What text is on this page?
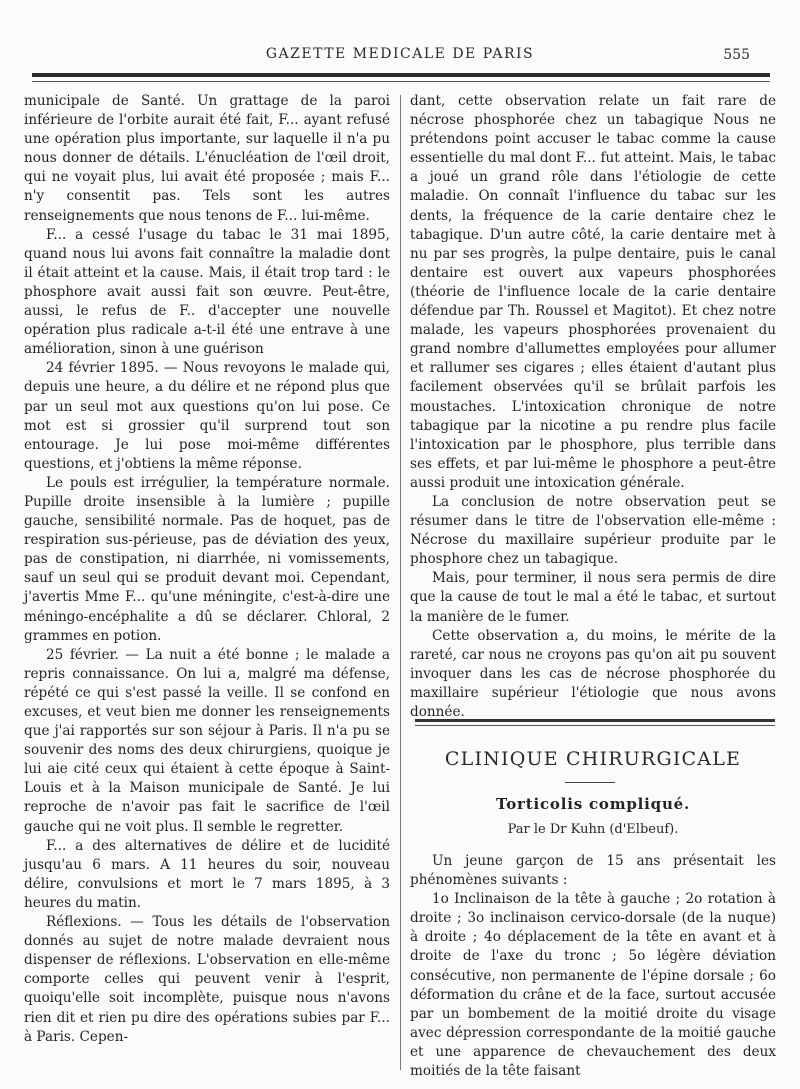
GAZETTE MEDICALE DE PARIS	555

municipale de Santé. Un grattage de la paroi inférieure de l'orbite aurait été fait, F... ayant refusé une opération plus importante, sur laquelle il n'a pu nous donner de détails. L'énucléation de l'œil droit, qui ne voyait plus, lui avait été proposée ; mais F... n'y consentit pas. Tels sont les autres renseignements que nous tenons de F... lui-même.

F... a cessé l'usage du tabac le 31 mai 1895, quand nous lui avons fait connaître la maladie dont il était atteint et la cause. Mais, il était trop tard : le phosphore avait aussi fait son œuvre. Peut-être, aussi, le refus de F.. d'accepter une nouvelle opération plus radicale a-t-il été une entrave à une amélioration, sinon à une guérison

24 février 1895. — Nous revoyons le malade qui, depuis une heure, a du délire et ne répond plus que par un seul mot aux questions qu'on lui pose. Ce mot est si grossier qu'il surprend tout son entourage. Je lui pose moi-même différentes questions, et j'obtiens la même réponse.

Le pouls est irrégulier, la température normale. Pupille droite insensible à la lumière ; pupille gauche, sensibilité normale. Pas de hoquet, pas de respiration sus-périeuse, pas de déviation des yeux, pas de constipation, ni diarrhée, ni vomissements, sauf un seul qui se produit devant moi. Cependant, j'avertis Mme F... qu'une méningite, c'est-à-dire une méningo-encéphalite a dû se déclarer. Chloral, 2 grammes en potion.

25 février. — La nuit a été bonne ; le malade a repris connaissance. On lui a, malgré ma défense, répété ce qui s'est passé la veille. Il se confond en excuses, et veut bien me donner les renseignements que j'ai rapportés sur son séjour à Paris. Il n'a pu se souvenir des noms des deux chirurgiens, quoique je lui aie cité ceux qui étaient à cette époque à Saint-Louis et à la Maison municipale de Santé. Je lui reproche de n'avoir pas fait le sacrifice de l'œil gauche qui ne voit plus. Il semble le regretter.

F... a des alternatives de délire et de lucidité jusqu'au 6 mars. A 11 heures du soir, nouveau délire, convulsions et mort le 7 mars 1895, à 3 heures du matin.

Réflexions. — Tous les détails de l'observation donnés au sujet de notre malade devraient nous dispenser de réflexions. L'observation en elle-même comporte celles qui peuvent venir à l'esprit, quoiqu'elle soit incomplète, puisque nous n'avons rien dit et rien pu dire des opérations subies par F... à Paris. Cepen-

dant, cette observation relate un fait rare de nécrose phosphorée chez un tabagique Nous ne prétendons point accuser le tabac comme la cause essentielle du mal dont F... fut atteint. Mais, le tabac a joué un grand rôle dans l'étiologie de cette maladie. On connaît l'influence du tabac sur les dents, la fréquence de la carie dentaire chez le tabagique. D'un autre côté, la carie dentaire met à nu par ses progrès, la pulpe dentaire, puis le canal dentaire est ouvert aux vapeurs phosphorées (théorie de l'influence locale de la carie dentaire défendue par Th. Roussel et Magitot). Et chez notre malade, les vapeurs phosphorées provenaient du grand nombre d'allumettes employées pour allumer et rallumer ses cigares ; elles étaient d'autant plus facilement observées qu'il se brûlait parfois les moustaches. L'intoxication chronique de notre tabagique par la nicotine a pu rendre plus facile l'intoxication par le phosphore, plus terrible dans ses effets, et par lui-même le phosphore a peut-être aussi produit une intoxication générale.

La conclusion de notre observation peut se résumer dans le titre de l'observation elle-même : Nécrose du maxillaire supérieur produite par le phosphore chez un tabagique.

Mais, pour terminer, il nous sera permis de dire que la cause de tout le mal a été le tabac, et surtout la manière de le fumer.

Cette observation a, du moins, le mérite de la rareté, car nous ne croyons pas qu'on ait pu souvent invoquer dans les cas de nécrose phosphorée du maxillaire supérieur l'étiologie que nous avons donnée.

CLINIQUE CHIRURGICALE
Torticolis compliqué.
Par le Dr Kuhn (d'Elbeuf).

Un jeune garçon de 15 ans présentait les phénomènes suivants :

1o Inclinaison de la tête à gauche ; 2o rotation à droite ; 3o inclinaison cervico-dorsale (de la nuque) à droite ; 4o déplacement de la tête en avant et à droite de l'axe du tronc ; 5o légère déviation consécutive, non permanente de l'épine dorsale ; 6o déformation du crâne et de la face, surtout accusée par un bombement de la moitié droite du visage avec dépression correspondante de la moitié gauche et une apparence de chevauchement des deux moitiés de la tête faisant
